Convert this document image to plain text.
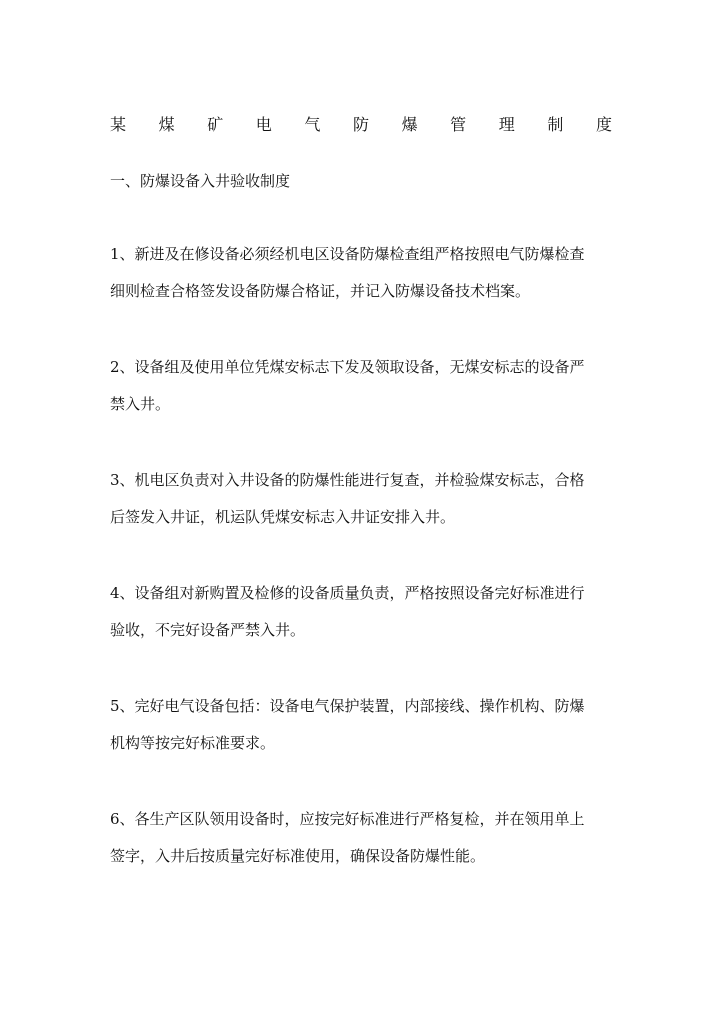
某 煤 矿 电 气 防 爆 管 理 制 度
一、防爆设备入井验收制度
1、新进及在修设备必须经机电区设备防爆检查组严格按照电气防爆检查
细则检查合格签发设备防爆合格证，并记入防爆设备技术档案。
2、设备组及使用单位凭煤安标志下发及领取设备，无煤安标志的设备严
禁入井。
3、机电区负责对入井设备的防爆性能进行复查，并检验煤安标志，合格
后签发入井证，机运队凭煤安标志入井证安排入井。
4、设备组对新购置及检修的设备质量负责，严格按照设备完好标准进行
验收，不完好设备严禁入井。
5、完好电气设备包括：设备电气保护装置，内部接线、操作机构、防爆
机构等按完好标准要求。
6、各生产区队领用设备时，应按完好标准进行严格复检，并在领用单上
签字，入井后按质量完好标准使用，确保设备防爆性能。
